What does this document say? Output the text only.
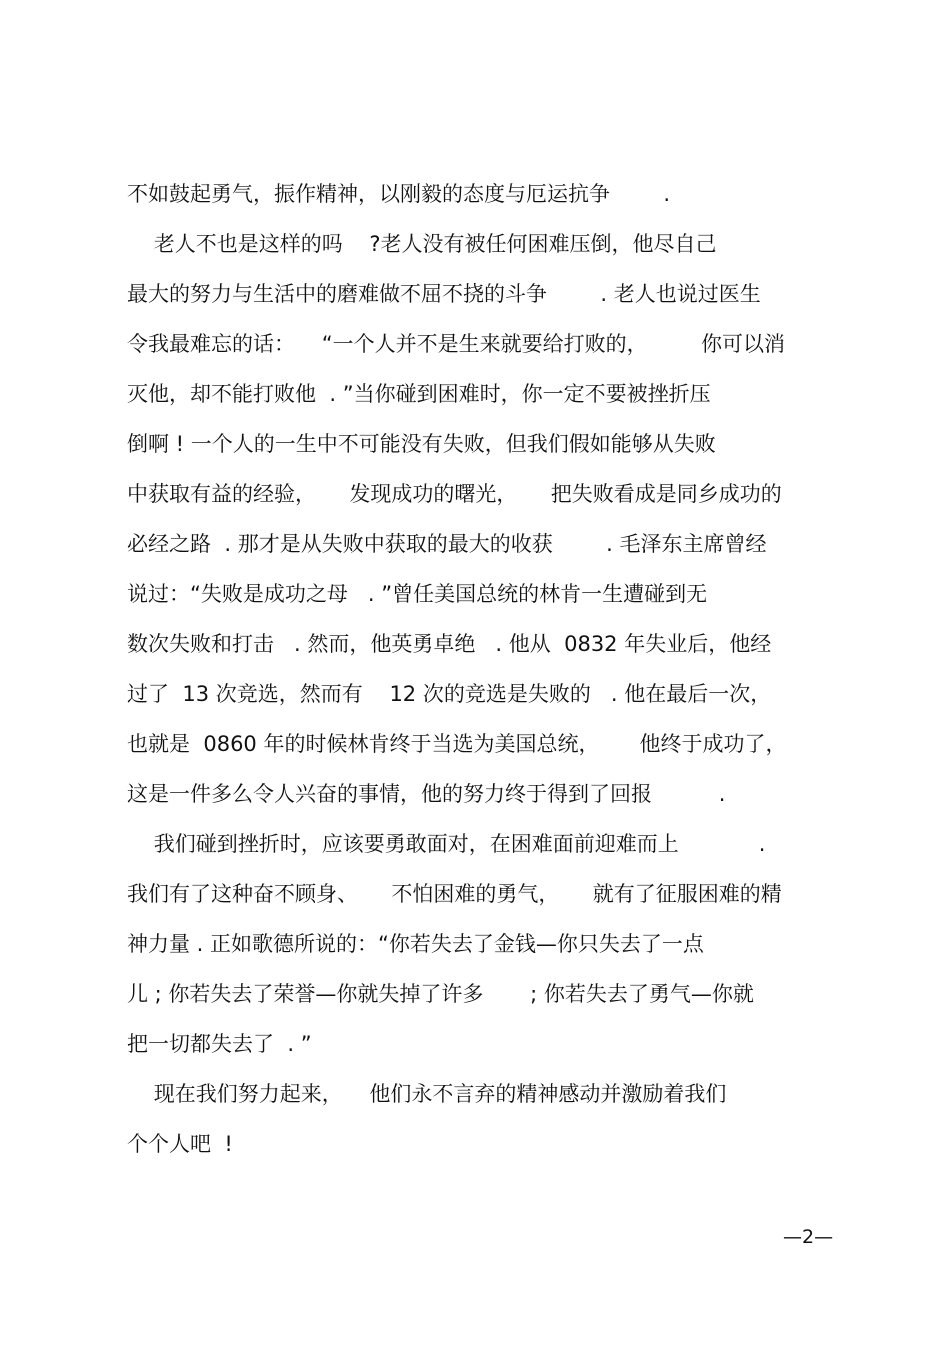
不如鼓起勇气，振作精神，以刚毅的态度与厄运抗争        .
老人不也是这样的吗    ?老人没有被任何困难压倒，他尽自己
最大的努力与生活中的磨难做不屈不挠的斗争        . 老人也说过医生
令我最难忘的话：    “一个人并不是生来就要给打败的，        你可以消
灭他，却不能打败他  . ”当你碰到困难时，你一定不要被挫折压
倒啊 ! 一个人的一生中不可能没有失败，但我们假如能够从失败
中获取有益的经验，     发现成功的曙光，     把失败看成是同乡成功的
必经之路  . 那才是从失败中获取的最大的收获        . 毛泽东主席曾经
说过：“失败是成功之母   . ”曾任美国总统的林肯一生遭碰到无
数次失败和打击   . 然而，他英勇卓绝   . 他从  0832 年失业后，他经
过了  13 次竞选，然而有    12 次的竞选是失败的   . 他在最后一次，
也就是  0860 年的时候林肯终于当选为美国总统，      他终于成功了，
这是一件多么令人兴奋的事情，他的努力终于得到了回报          .
我们碰到挫折时，应该要勇敢面对，在困难面前迎难而上            .
我们有了这种奋不顾身、     不怕困难的勇气，     就有了征服困难的精
神力量 . 正如歌德所说的：“你若失去了金钱—你只失去了一点
儿 ; 你若失去了荣誉—你就失掉了许多       ; 你若失去了勇气—你就
把一切都失去了  . ”
现在我们努力起来，    他们永不言弃的精神感动并激励着我们
个个人吧  !
—2—
